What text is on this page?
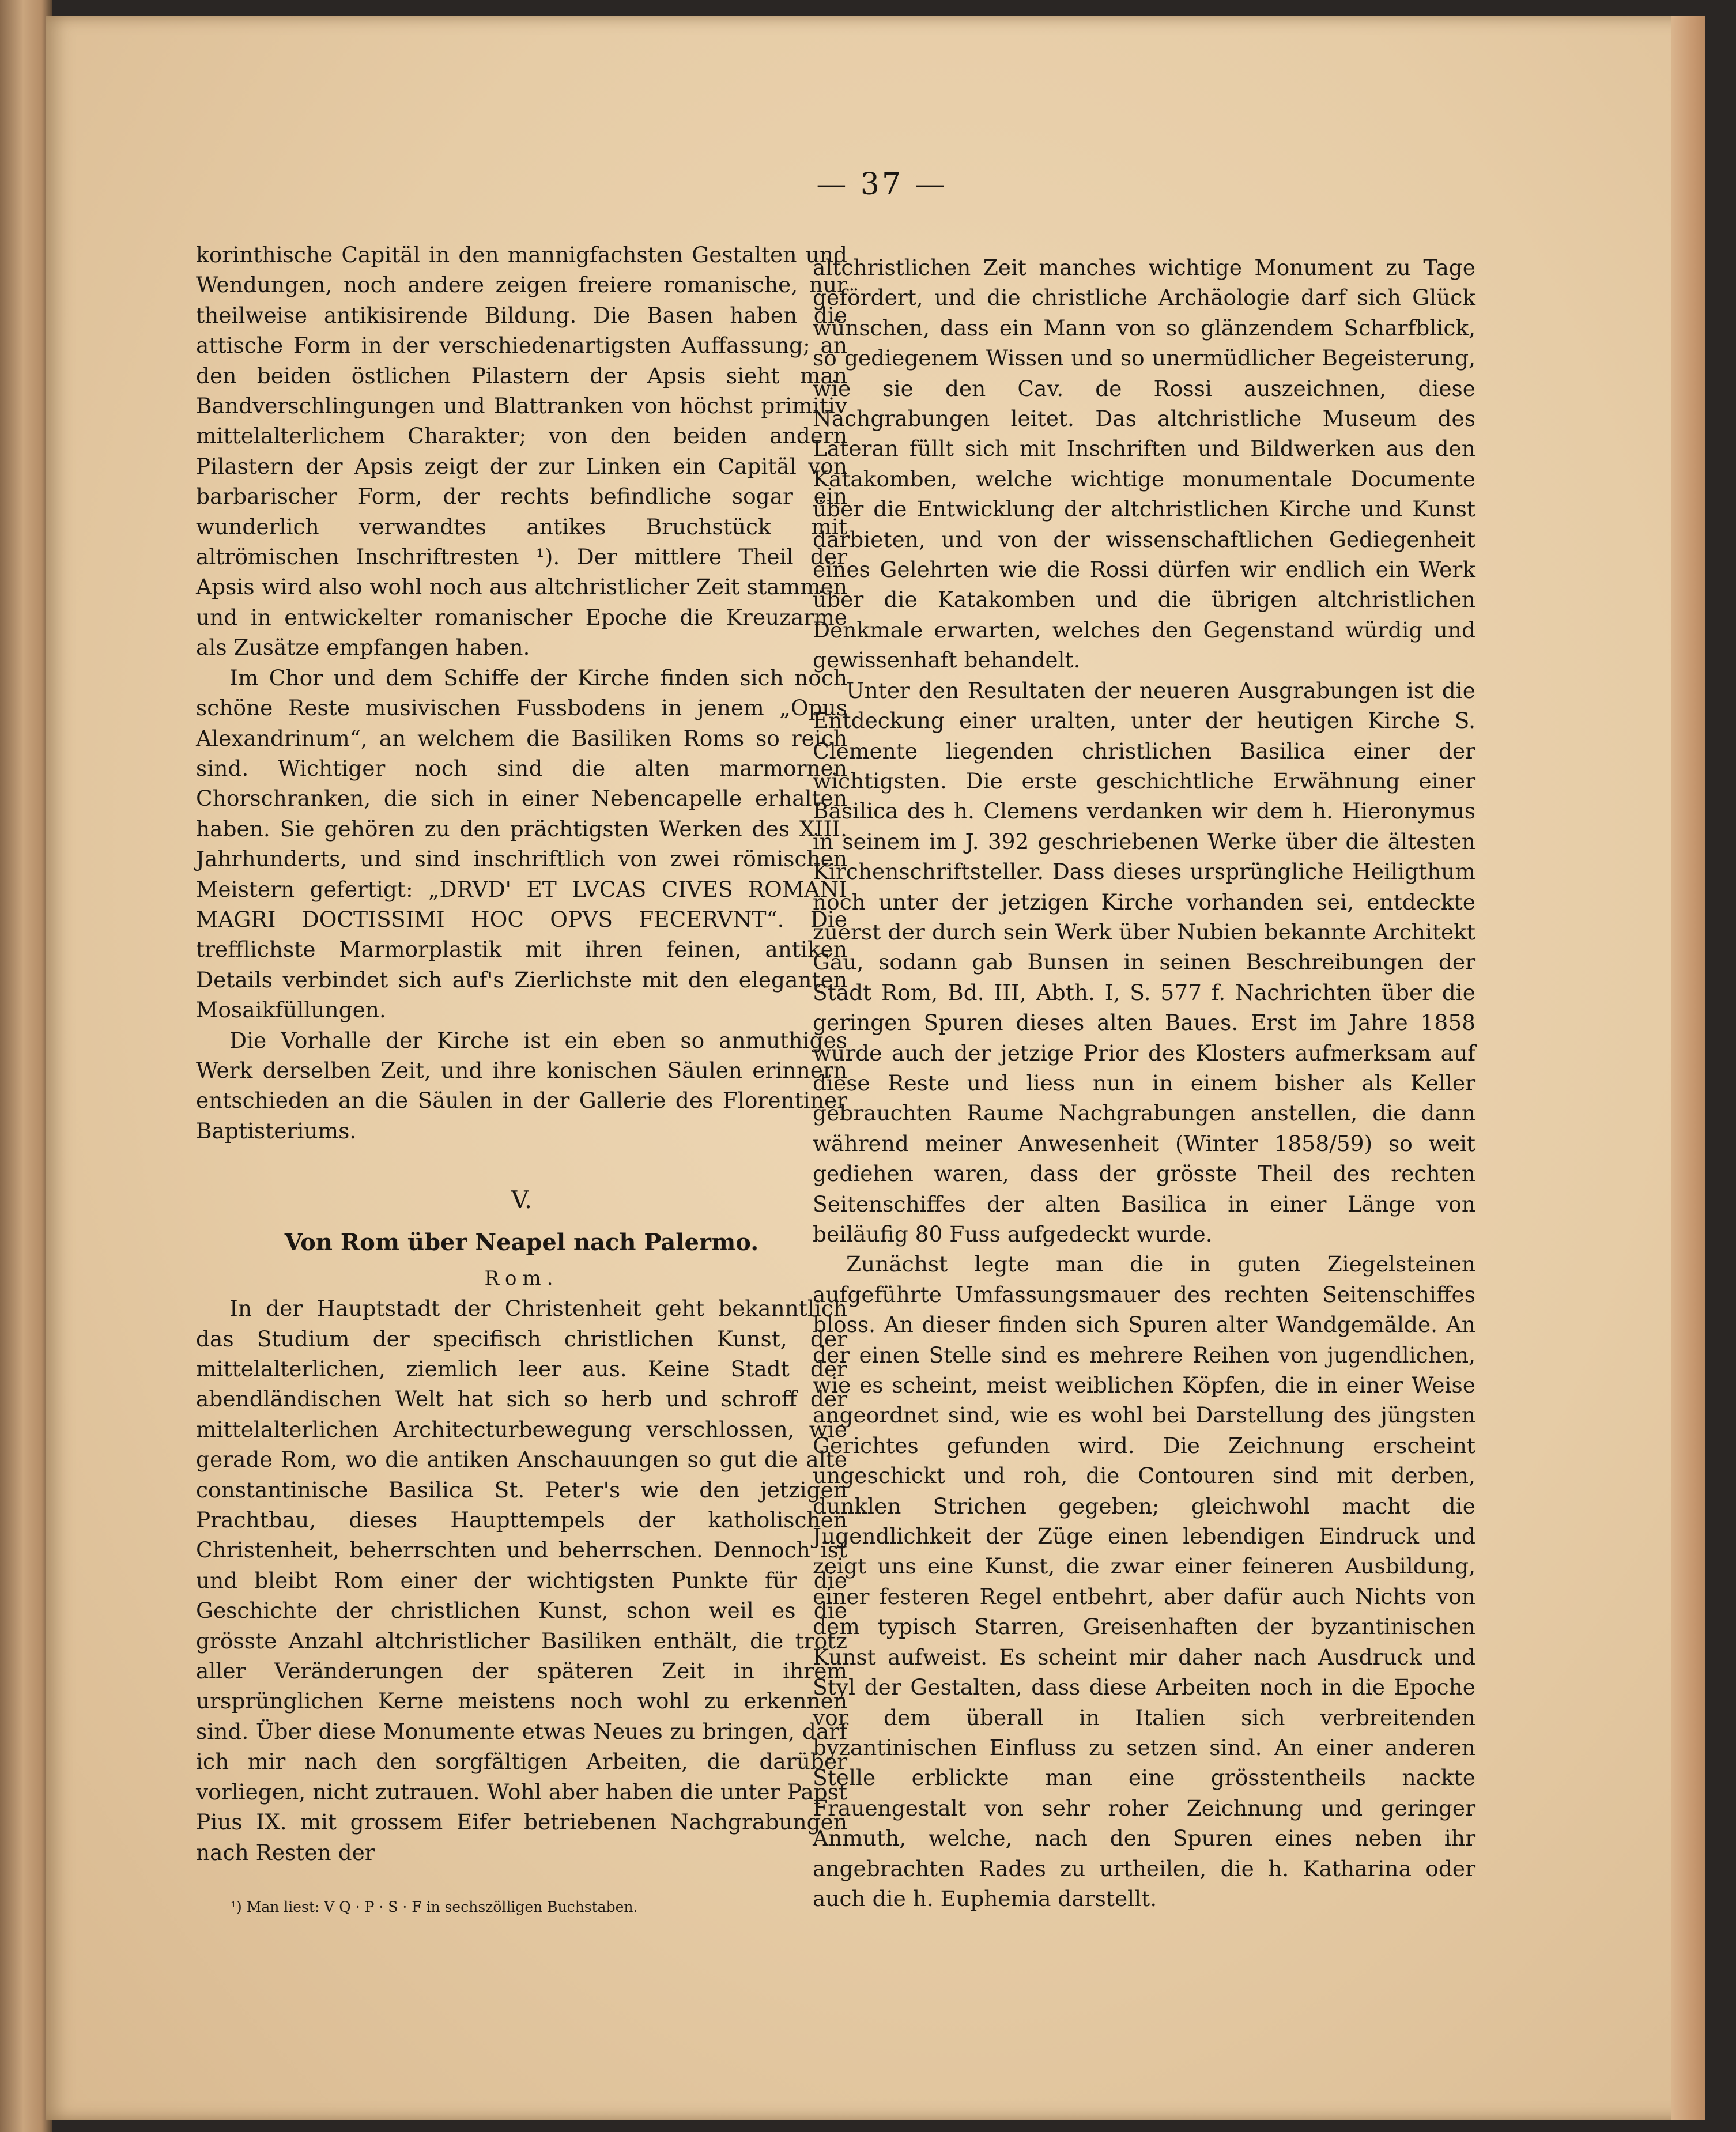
— 37 —

korinthische Capitäl in den mannigfachsten Gestalten und Wendungen, noch andere zeigen freiere romanische, nur theilweise antikisirende Bildung. Die Basen haben die attische Form in der verschiedenartigsten Auffassung; an den beiden östlichen Pilastern der Apsis sieht man Bandverschlingungen und Blattranken von höchst primitiv mittelalterlichem Charakter; von den beiden andern Pilastern der Apsis zeigt der zur Linken ein Capitäl von barbarischer Form, der rechts befindliche sogar ein wunderlich verwandtes antikes Bruchstück mit altrömischen Inschriftresten ¹). Der mittlere Theil der Apsis wird also wohl noch aus altchristlicher Zeit stammen und in entwickelter romanischer Epoche die Kreuzarme als Zusätze empfangen haben.

Im Chor und dem Schiffe der Kirche finden sich noch schöne Reste musivischen Fussbodens in jenem „Opus Alexandrinum“, an welchem die Basiliken Roms so reich sind. Wichtiger noch sind die alten marmornen Chorschranken, die sich in einer Nebencapelle erhalten haben. Sie gehören zu den prächtigsten Werken des XIII. Jahrhunderts, und sind inschriftlich von zwei römischen Meistern gefertigt: „DRVD' ET LVCAS CIVES ROMANI MAGRI DOCTISSIMI HOC OPVS FECERVNT“. Die trefflichste Marmorplastik mit ihren feinen, antiken Details verbindet sich auf's Zierlichste mit den eleganten Mosaikfüllungen.

Die Vorhalle der Kirche ist ein eben so anmuthiges Werk derselben Zeit, und ihre konischen Säulen erinnern entschieden an die Säulen in der Gallerie des Florentiner Baptisteriums.

V.
Von Rom über Neapel nach Palermo.
Rom.

In der Hauptstadt der Christenheit geht bekanntlich das Studium der specifisch christlichen Kunst, der mittelalterlichen, ziemlich leer aus. Keine Stadt der abendländischen Welt hat sich so herb und schroff der mittelalterlichen Architecturbewegung verschlossen, wie gerade Rom, wo die antiken Anschauungen so gut die alte constantinische Basilica St. Peter's wie den jetzigen Prachtbau, dieses Haupttempels der katholischen Christenheit, beherrschten und beherrschen. Dennoch ist und bleibt Rom einer der wichtigsten Punkte für die Geschichte der christlichen Kunst, schon weil es die grösste Anzahl altchristlicher Basiliken enthält, die trotz aller Veränderungen der späteren Zeit in ihrem ursprünglichen Kerne meistens noch wohl zu erkennen sind. Über diese Monumente etwas Neues zu bringen, darf ich mir nach den sorgfältigen Arbeiten, die darüber vorliegen, nicht zutrauen. Wohl aber haben die unter Papst Pius IX. mit grossem Eifer betriebenen Nachgrabungen nach Resten der

¹) Man liest: V Q · P · S · F in sechszölligen Buchstaben.

altchristlichen Zeit manches wichtige Monument zu Tage gefördert, und die christliche Archäologie darf sich Glück wünschen, dass ein Mann von so glänzendem Scharfblick, so gediegenem Wissen und so unermüdlicher Begeisterung, wie sie den Cav. de Rossi auszeichnen, diese Nachgrabungen leitet. Das altchristliche Museum des Lateran füllt sich mit Inschriften und Bildwerken aus den Katakomben, welche wichtige monumentale Documente über die Entwicklung der altchristlichen Kirche und Kunst darbieten, und von der wissenschaftlichen Gediegenheit eines Gelehrten wie die Rossi dürfen wir endlich ein Werk über die Katakomben und die übrigen altchristlichen Denkmale erwarten, welches den Gegenstand würdig und gewissenhaft behandelt.

Unter den Resultaten der neueren Ausgrabungen ist die Entdeckung einer uralten, unter der heutigen Kirche S. Clemente liegenden christlichen Basilica einer der wichtigsten. Die erste geschichtliche Erwähnung einer Basilica des h. Clemens verdanken wir dem h. Hieronymus in seinem im J. 392 geschriebenen Werke über die ältesten Kirchenschriftsteller. Dass dieses ursprüngliche Heiligthum noch unter der jetzigen Kirche vorhanden sei, entdeckte zuerst der durch sein Werk über Nubien bekannte Architekt Gau, sodann gab Bunsen in seinen Beschreibungen der Stadt Rom, Bd. III, Abth. I, S. 577 f. Nachrichten über die geringen Spuren dieses alten Baues. Erst im Jahre 1858 wurde auch der jetzige Prior des Klosters aufmerksam auf diese Reste und liess nun in einem bisher als Keller gebrauchten Raume Nachgrabungen anstellen, die dann während meiner Anwesenheit (Winter 1858/59) so weit gediehen waren, dass der grösste Theil des rechten Seitenschiffes der alten Basilica in einer Länge von beiläufig 80 Fuss aufgedeckt wurde.

Zunächst legte man die in guten Ziegelsteinen aufgeführte Umfassungsmauer des rechten Seitenschiffes bloss. An dieser finden sich Spuren alter Wandgemälde. An der einen Stelle sind es mehrere Reihen von jugendlichen, wie es scheint, meist weiblichen Köpfen, die in einer Weise angeordnet sind, wie es wohl bei Darstellung des jüngsten Gerichtes gefunden wird. Die Zeichnung erscheint ungeschickt und roh, die Contouren sind mit derben, dunklen Strichen gegeben; gleichwohl macht die Jugendlichkeit der Züge einen lebendigen Eindruck und zeigt uns eine Kunst, die zwar einer feineren Ausbildung, einer festeren Regel entbehrt, aber dafür auch Nichts von dem typisch Starren, Greisenhaften der byzantinischen Kunst aufweist. Es scheint mir daher nach Ausdruck und Styl der Gestalten, dass diese Arbeiten noch in die Epoche vor dem überall in Italien sich verbreitenden byzantinischen Einfluss zu setzen sind. An einer anderen Stelle erblickte man eine grösstentheils nackte Frauengestalt von sehr roher Zeichnung und geringer Anmuth, welche, nach den Spuren eines neben ihr angebrachten Rades zu urtheilen, die h. Katharina oder auch die h. Euphemia darstellt.
